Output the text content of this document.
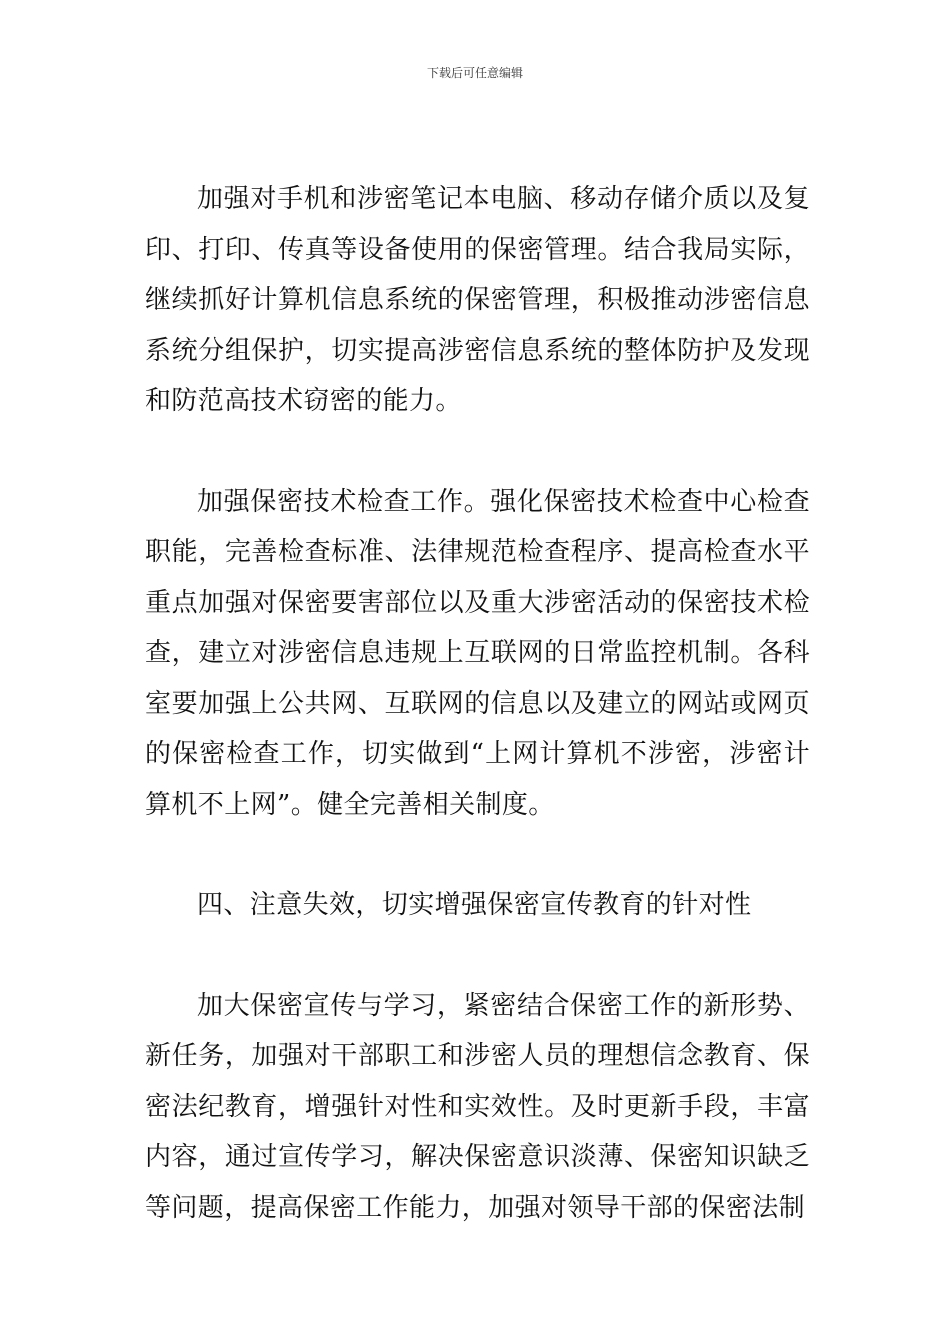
下载后可任意编辑

加强对手机和涉密笔记本电脑、移动存储介质以及复印、打印、传真等设备使用的保密管理。结合我局实际，继续抓好计算机信息系统的保密管理，积极推动涉密信息系统分组保护，切实提高涉密信息系统的整体防护及发现和防范高技术窃密的能力。

加强保密技术检查工作。强化保密技术检查中心检查职能，完善检查标准、法律规范检查程序、提高检查水平重点加强对保密要害部位以及重大涉密活动的保密技术检查，建立对涉密信息违规上互联网的日常监控机制。各科室要加强上公共网、互联网的信息以及建立的网站或网页的保密检查工作，切实做到“上网计算机不涉密，涉密计算机不上网”。健全完善相关制度。

四、注意失效，切实增强保密宣传教育的针对性

加大保密宣传与学习，紧密结合保密工作的新形势、新任务，加强对干部职工和涉密人员的理想信念教育、保密法纪教育，增强针对性和实效性。及时更新手段，丰富内容，通过宣传学习，解决保密意识淡薄、保密知识缺乏等问题，提高保密工作能力，加强对领导干部的保密法制
